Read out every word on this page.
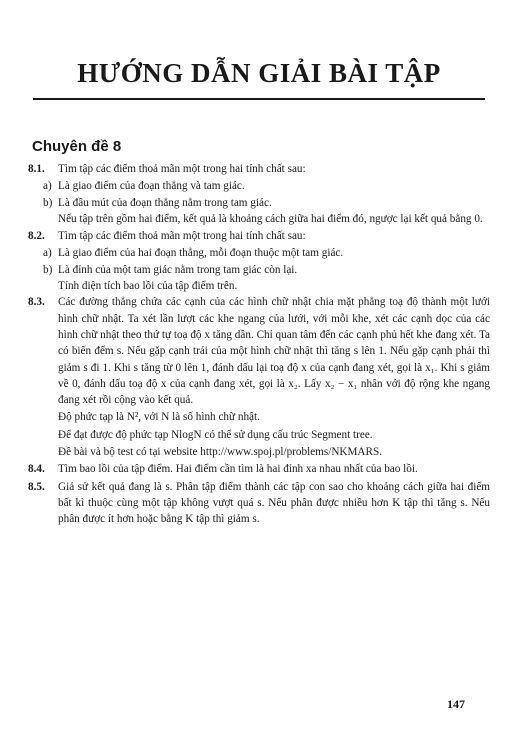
HƯỚNG DẪN GIẢI BÀI TẬP
Chuyên đề 8
8.1. Tìm tập các điểm thoả mãn một trong hai tính chất sau:

a) Là giao điểm của đoạn thẳng và tam giác.

b) Là đầu mút của đoạn thẳng nằm trong tam giác.

Nếu tập trên gồm hai điểm, kết quả là khoảng cách giữa hai điểm đó, ngược lại kết quả bằng 0.

8.2. Tìm tập các điểm thoả mãn một trong hai tính chất sau:

a) Là giao điểm của hai đoạn thẳng, mỗi đoạn thuộc một tam giác.

b) Là đỉnh của một tam giác nằm trong tam giác còn lại.

Tính diện tích bao lồi của tập điểm trên.

8.3. Các đường thẳng chứa các cạnh của các hình chữ nhật chia mặt phẳng toạ độ thành một lưới hình chữ nhật. Ta xét lần lượt các khe ngang của lưới, với mỗi khe, xét các cạnh dọc của các hình chữ nhật theo thứ tự toạ độ x tăng dần. Chỉ quan tâm đến các cạnh phủ hết khe đang xét. Ta có biến đếm s. Nếu gặp cạnh trái của một hình chữ nhật thì tăng s lên 1. Nếu gặp cạnh phải thì giảm s đi 1. Khi s tăng từ 0 lên 1, đánh dấu lại toạ độ x của cạnh đang xét, gọi là x₁. Khi s giảm về 0, đánh dấu toạ độ x của cạnh đang xét, gọi là x₂. Lấy x₂ − x₁ nhân với độ rộng khe ngang đang xét rồi cộng vào kết quả.

Độ phức tạp là N², với N là số hình chữ nhật.

Để đạt được độ phức tạp NlogN có thể sử dụng cấu trúc Segment tree.

Đề bài và bộ test có tại website http://www.spoj.pl/problems/NKMARS.

8.4. Tìm bao lồi của tập điểm. Hai điểm cần tìm là hai đỉnh xa nhau nhất của bao lồi.

8.5. Giả sử kết quả đang là s. Phân tập điểm thành các tập con sao cho khoảng cách giữa hai điểm bất kì thuộc cùng một tập không vượt quá s. Nếu phân được nhiều hơn K tập thì tăng s. Nếu phân được ít hơn hoặc bằng K tập thì giảm s.

147
